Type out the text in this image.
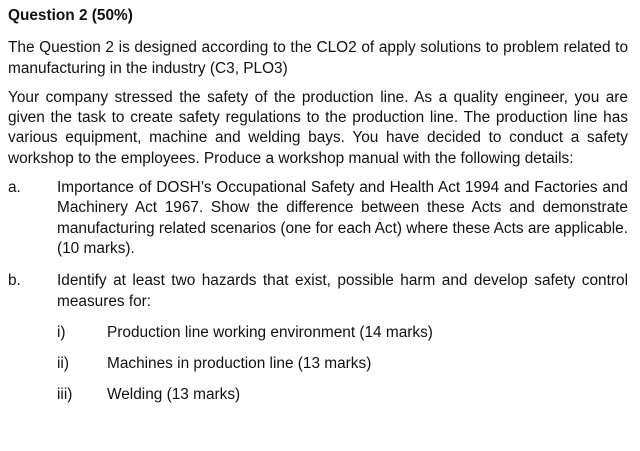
Question 2 (50%)
The Question 2 is designed according to the CLO2 of apply solutions to problem related to manufacturing in the industry (C3, PLO3)
Your company stressed the safety of the production line. As a quality engineer, you are given the task to create safety regulations to the production line. The production line has various equipment, machine and welding bays. You have decided to conduct a safety workshop to the employees. Produce a workshop manual with the following details:
a.	Importance of DOSH’s Occupational Safety and Health Act 1994 and Factories and Machinery Act 1967. Show the difference between these Acts and demonstrate manufacturing related scenarios (one for each Act) where these Acts are applicable. (10 marks).
b.	Identify at least two hazards that exist, possible harm and develop safety control measures for:
i)	Production line working environment (14 marks)
ii)	Machines in production line (13 marks)
iii)	Welding (13 marks)
